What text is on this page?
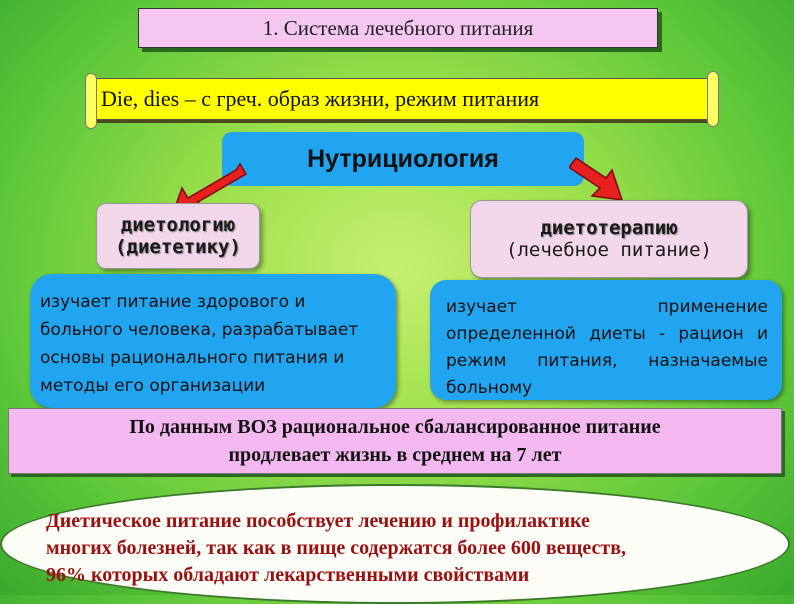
1. Система лечебного питания
Die, dies – с греч. образ жизни, режим питания
Нутрициология
диетологию
(диететику)
диетотерапию
(лечебное питание)
изучает питание здорового и больного человека, разрабатывает основы рационального питания и методы его организации
изучает применение определенной диеты - рацион и режим питания, назначаемые больному
По данным ВОЗ рациональное сбалансированное питание
продлевает жизнь в среднем на 7 лет
Диетическое питание пособствует лечению и профилактике
многих болезней, так как в пище содержатся более 600 веществ,
96% которых обладают лекарственными свойствами
